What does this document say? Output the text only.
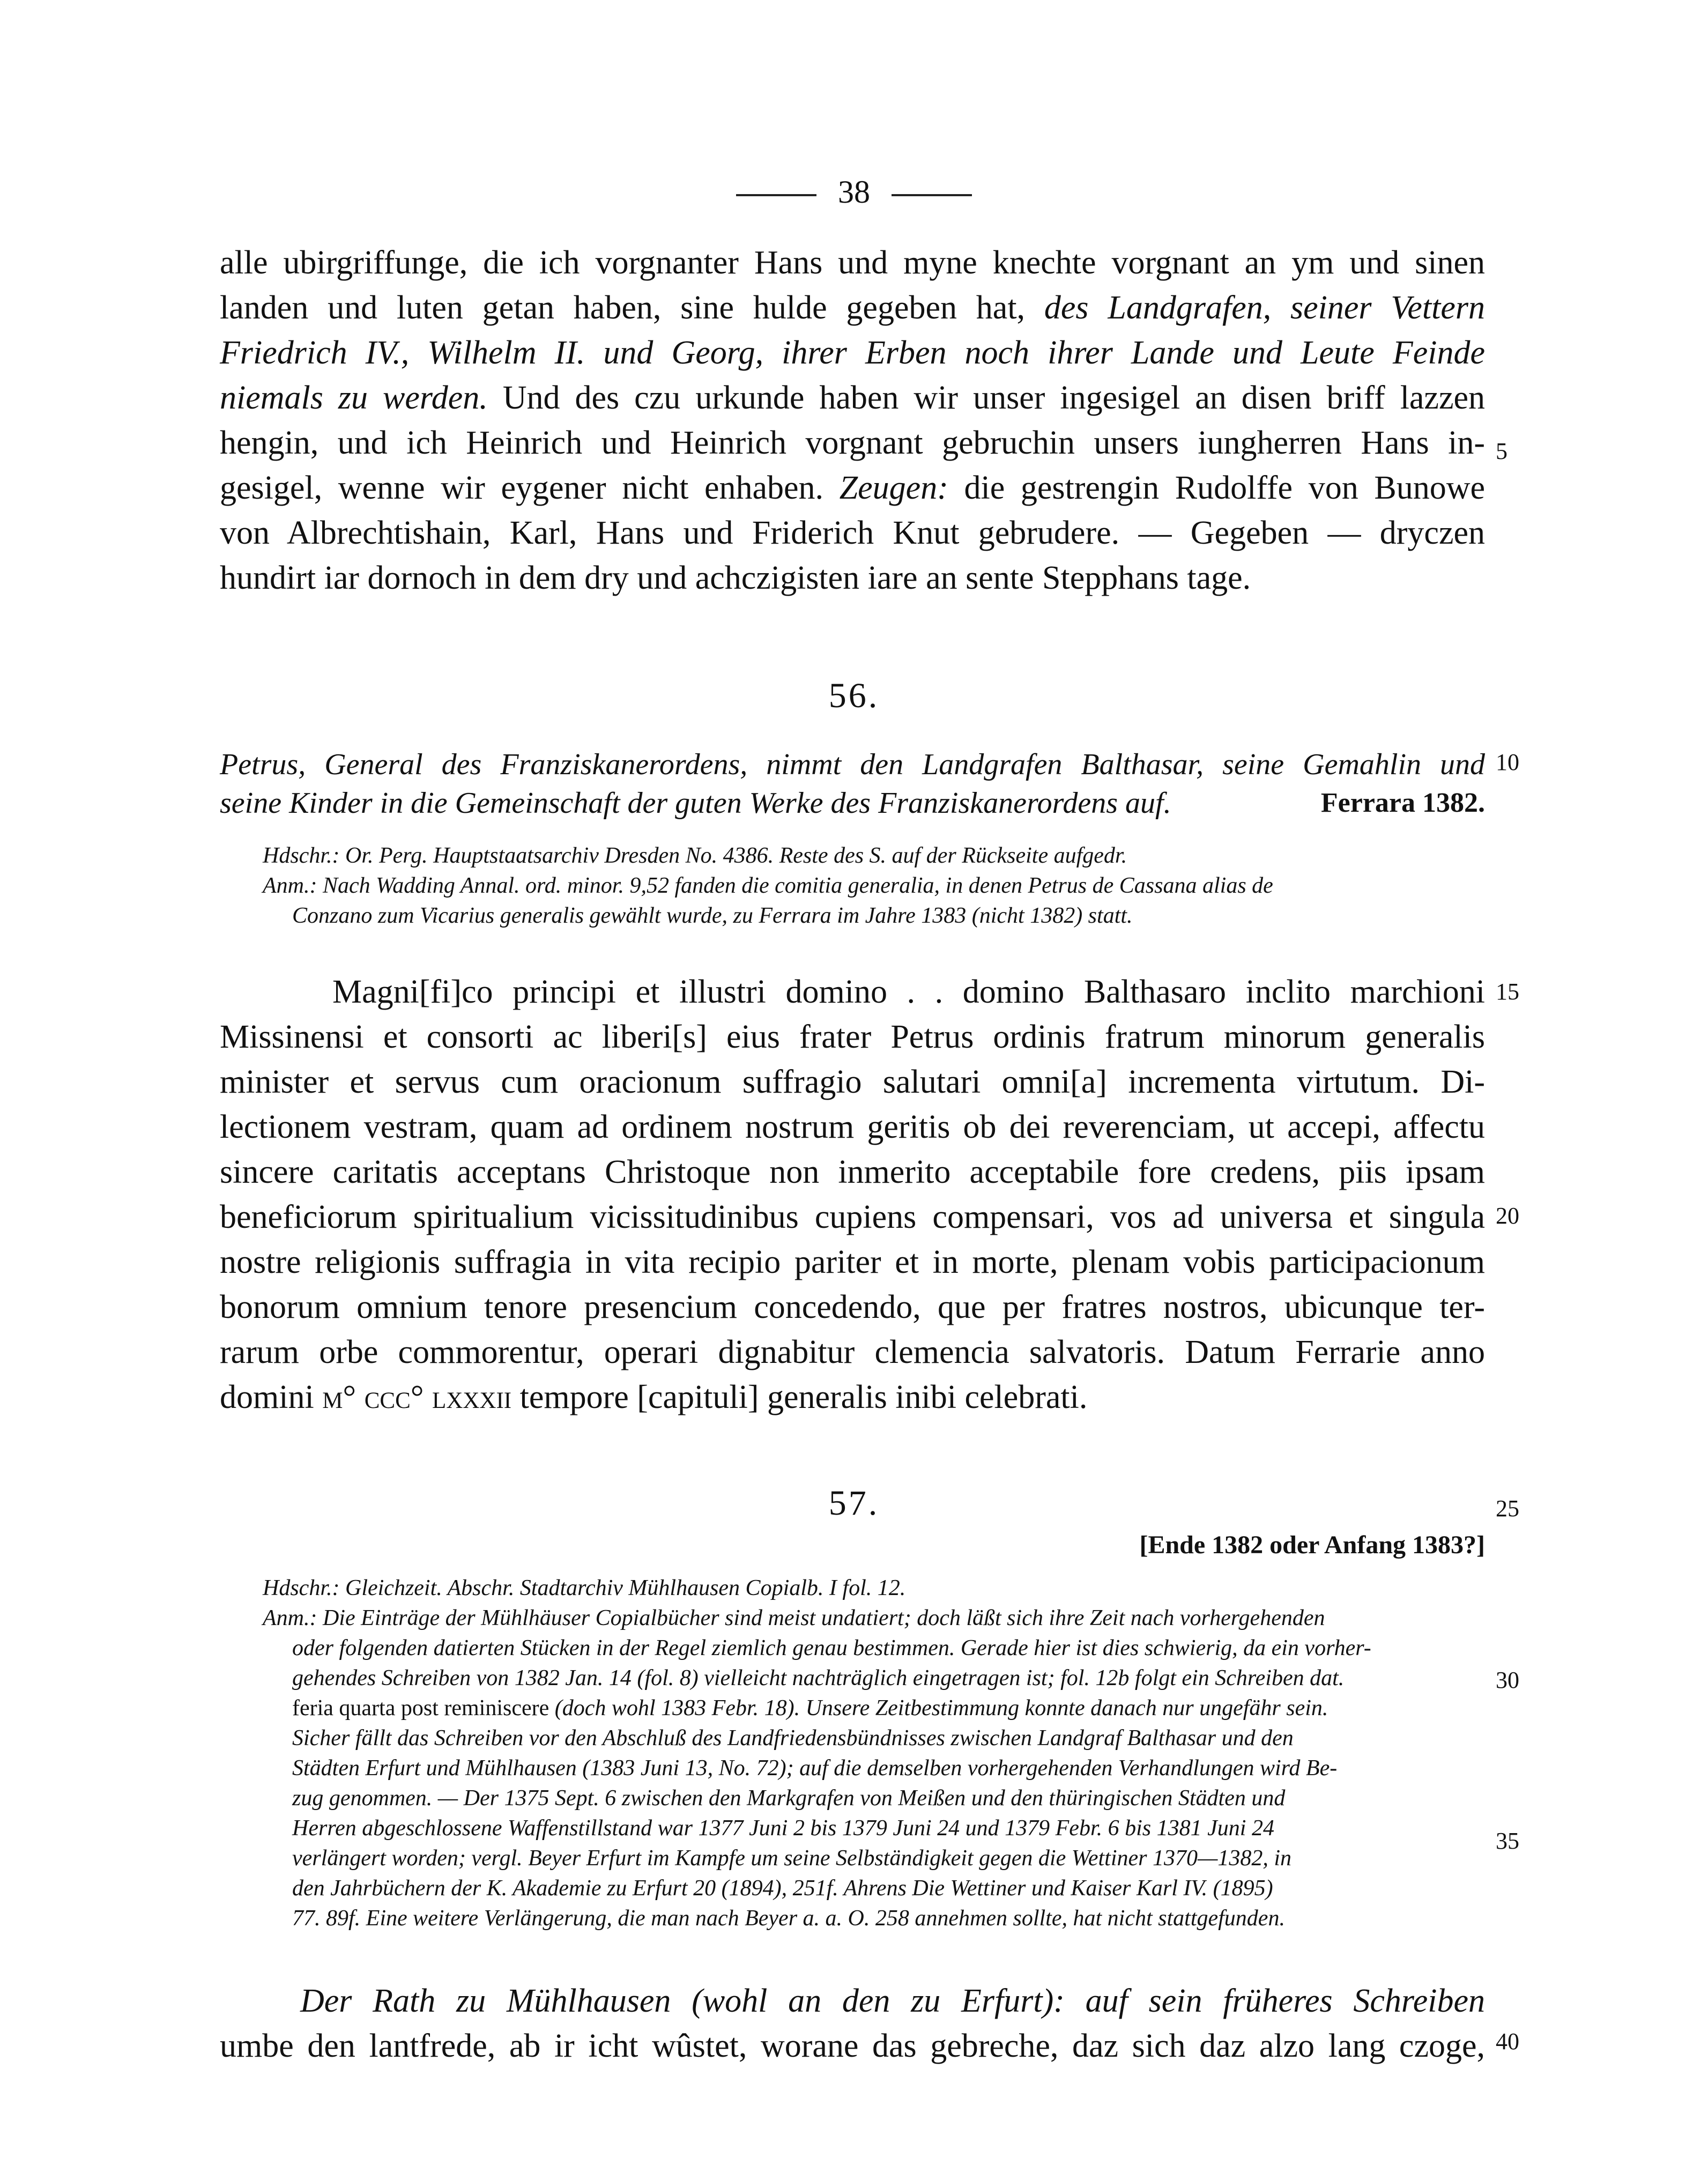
38

alle ubirgriffunge, die ich vorgnanter Hans und myne knechte vorgnant an ym und sinen
landen und luten getan haben, sine hulde gegeben hat, des Landgrafen, seiner Vettern
Friedrich IV., Wilhelm II. und Georg, ihrer Erben noch ihrer Lande und Leute Feinde
niemals zu werden. Und des czu urkunde haben wir unser ingesigel an disen briff lazzen
hengin, und ich Heinrich und Heinrich vorgnant gebruchin unsers iungherren Hans in-
gesigel, wenne wir eygener nicht enhaben. Zeugen: die gestrengin Rudolffe von Bunowe
von Albrechtishain, Karl, Hans und Friderich Knut gebrudere. — Gegeben — dryczen
hundirt iar dornoch in dem dry und achczigisten iare an sente Stepphans tage.

56.

Petrus, General des Franziskanerordens, nimmt den Landgrafen Balthasar, seine Gemahlin und
seine Kinder in die Gemeinschaft der guten Werke des Franziskanerordens auf.	Ferrara 1382.

Hdschr.: Or. Perg. Hauptstaatsarchiv Dresden No. 4386. Reste des S. auf der Rückseite aufgedr.
Anm.: Nach Wadding Annal. ord. minor. 9,52 fanden die comitia generalia, in denen Petrus de Cassana alias de
Conzano zum Vicarius generalis gewählt wurde, zu Ferrara im Jahre 1383 (nicht 1382) statt.

Magni[fi]co principi et illustri domino . . domino Balthasaro inclito marchioni
Missinensi et consorti ac liberi[s] eius frater Petrus ordinis fratrum minorum generalis
minister et servus cum oracionum suffragio salutari omni[a] incrementa virtutum. Di-
lectionem vestram, quam ad ordinem nostrum geritis ob dei reverenciam, ut accepi, affectu
sincere caritatis acceptans Christoque non inmerito acceptabile fore credens, piis ipsam
beneficiorum spiritualium vicissitudinibus cupiens compensari, vos ad universa et singula
nostre religionis suffragia in vita recipio pariter et in morte, plenam vobis participacionum
bonorum omnium tenore presencium concedendo, que per fratres nostros, ubicunque ter-
rarum orbe commorentur, operari dignabitur clemencia salvatoris. Datum Ferrarie anno
domini m° ccc° lxxxii tempore [capituli] generalis inibi celebrati.

57.
[Ende 1382 oder Anfang 1383?]

Hdschr.: Gleichzeit. Abschr. Stadtarchiv Mühlhausen Copialb. I fol. 12.
Anm.: Die Einträge der Mühlhäuser Copialbücher sind meist undatiert; doch läßt sich ihre Zeit nach vorhergehenden
oder folgenden datierten Stücken in der Regel ziemlich genau bestimmen. Gerade hier ist dies schwierig, da ein vorher-
gehendes Schreiben von 1382 Jan. 14 (fol. 8) vielleicht nachträglich eingetragen ist; fol. 12b folgt ein Schreiben dat.
feria quarta post reminiscere (doch wohl 1383 Febr. 18). Unsere Zeitbestimmung konnte danach nur ungefähr sein.
Sicher fällt das Schreiben vor den Abschluß des Landfriedensbündnisses zwischen Landgraf Balthasar und den
Städten Erfurt und Mühlhausen (1383 Juni 13, No. 72); auf die demselben vorhergehenden Verhandlungen wird Be-
zug genommen. — Der 1375 Sept. 6 zwischen den Markgrafen von Meißen und den thüringischen Städten und
Herren abgeschlossene Waffenstillstand war 1377 Juni 2 bis 1379 Juni 24 und 1379 Febr. 6 bis 1381 Juni 24
verlängert worden; vergl. Beyer Erfurt im Kampfe um seine Selbständigkeit gegen die Wettiner 1370—1382, in
den Jahrbüchern der K. Akademie zu Erfurt 20 (1894), 251f. Ahrens Die Wettiner und Kaiser Karl IV. (1895)
77. 89f. Eine weitere Verlängerung, die man nach Beyer a. a. O. 258 annehmen sollte, hat nicht stattgefunden.

Der Rath zu Mühlhausen (wohl an den zu Erfurt): auf sein früheres Schreiben
umbe den lantfrede, ab ir icht wûstet, worane das gebreche, daz sich daz alzo lang czoge,

5
10
15
20
25
30
35
40
